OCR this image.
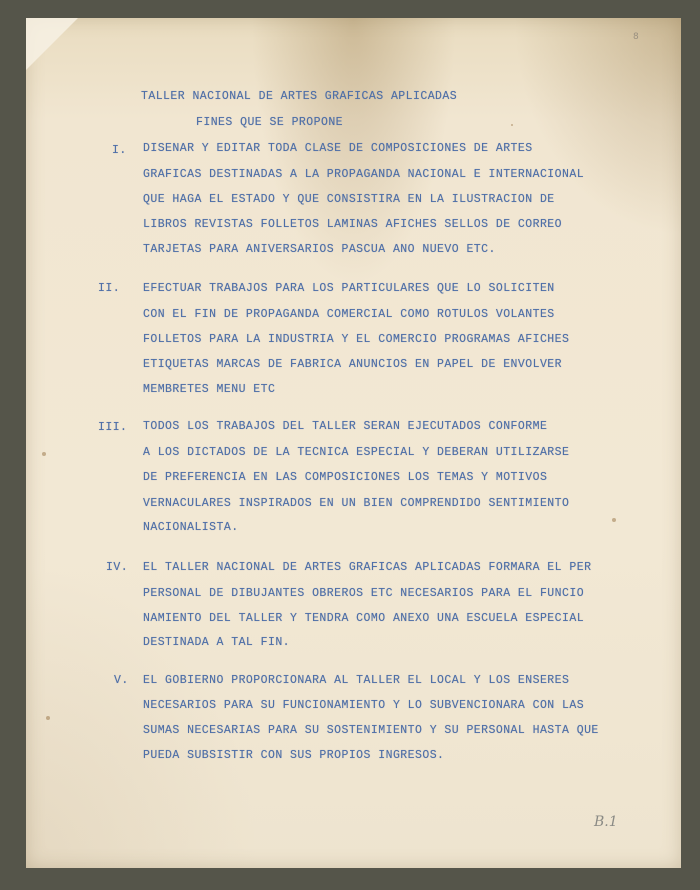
8
TALLER NACIONAL DE ARTES GRAFICAS APLICADAS
FINES QUE SE PROPONE
I. DISENAR Y EDITAR TODA CLASE DE COMPOSICIONES DE ARTES
GRAFICAS DESTINADAS A LA PROPAGANDA NACIONAL E INTERNACIONAL
QUE HAGA EL ESTADO Y QUE CONSISTIRA EN LA ILUSTRACION DE
LIBROS REVISTAS FOLLETOS LAMINAS AFICHES SELLOS DE CORREO
TARJETAS PARA ANIVERSARIOS PASCUA ANO NUEVO ETC.
II. EFECTUAR TRABAJOS PARA LOS PARTICULARES QUE LO SOLICITEN
CON EL FIN DE PROPAGANDA COMERCIAL COMO ROTULOS VOLANTES
FOLLETOS PARA LA INDUSTRIA Y EL COMERCIO PROGRAMAS AFICHES
ETIQUETAS MARCAS DE FABRICA ANUNCIOS EN PAPEL DE ENVOLVER
MEMBRETES MENU ETC
III. TODOS LOS TRABAJOS DEL TALLER SERAN EJECUTADOS CONFORME
A LOS DICTADOS DE LA TECNICA ESPECIAL Y DEBERAN UTILIZARSE
DE PREFERENCIA EN LAS COMPOSICIONES LOS TEMAS Y MOTIVOS
VERNACULARES INSPIRADOS EN UN BIEN COMPRENDIDO SENTIMIENTO
NACIONALISTA.
IV. EL TALLER NACIONAL DE ARTES GRAFICAS APLICADAS FORMARA EL PER
PERSONAL DE DIBUJANTES OBREROS ETC NECESARIOS PARA EL FUNCIO
NAMIENTO DEL TALLER Y TENDRA COMO ANEXO UNA ESCUELA ESPECIAL
DESTINADA A TAL FIN.
V. EL GOBIERNO PROPORCIONARA AL TALLER EL LOCAL Y LOS ENSERES
NECESARIOS PARA SU FUNCIONAMIENTO Y LO SUBVENCIONARA CON LAS
SUMAS NECESARIAS PARA SU SOSTENIMIENTO Y SU PERSONAL HASTA QUE
PUEDA SUBSISTIR CON SUS PROPIOS INGRESOS.
B.1
